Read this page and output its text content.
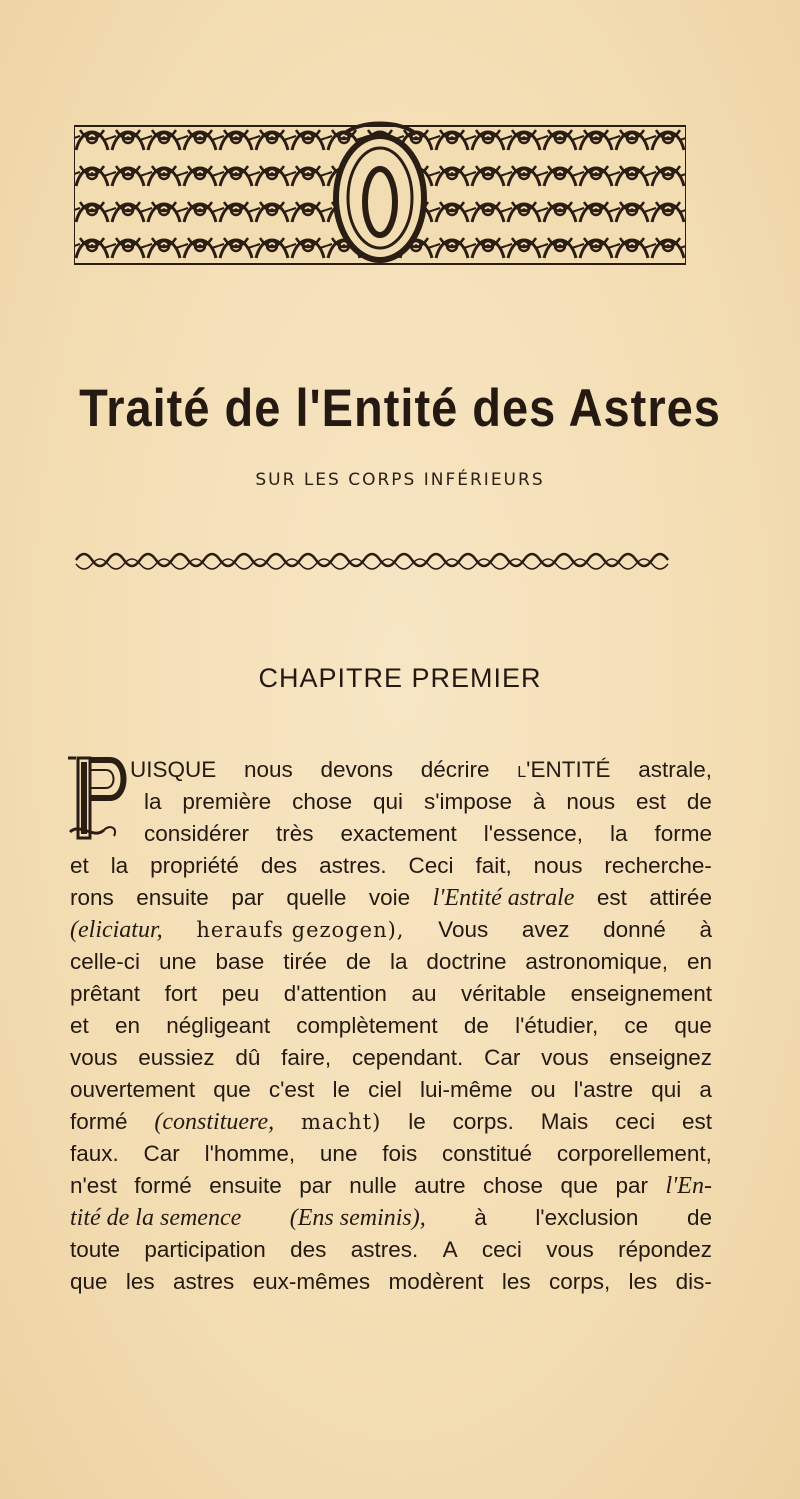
Traité de l'Entité des Astres
SUR LES CORPS INFÉRIEURS
CHAPITRE PREMIER
UISQUE nous devons décrire l'ENTITÉ astrale,
la première chose qui s'impose à nous est de
considérer très exactement l'essence, la forme
et la propriété des astres. Ceci fait, nous recherche-
rons ensuite par quelle voie l'Entité astrale est attirée
(eliciatur, heraufs gezogen), Vous avez donné à
celle-ci une base tirée de la doctrine astronomique, en
prêtant fort peu d'attention au véritable enseignement
et en négligeant complètement de l'étudier, ce que
vous eussiez dû faire, cependant. Car vous enseignez
ouvertement que c'est le ciel lui-même ou l'astre qui a
formé (constituere, macht) le corps. Mais ceci est
faux. Car l'homme, une fois constitué corporellement,
n'est formé ensuite par nulle autre chose que par l'En-
tité de la semence (Ens seminis), à l'exclusion de
toute participation des astres. A ceci vous répondez
que les astres eux-mêmes modèrent les corps, les dis-
